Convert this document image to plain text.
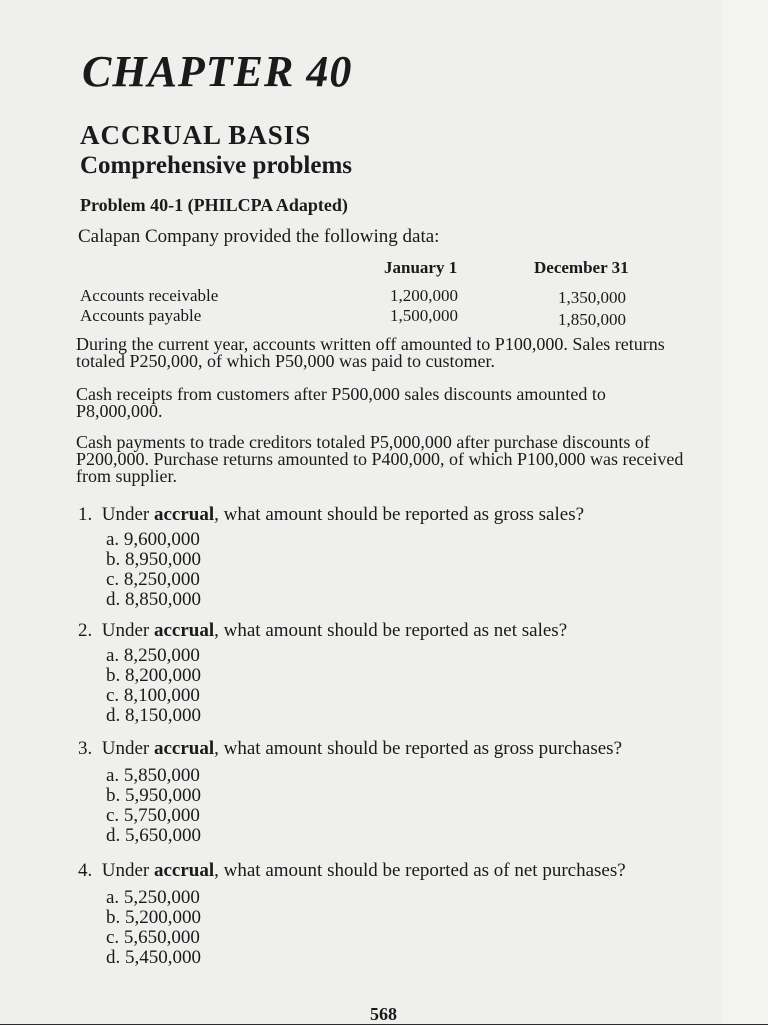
CHAPTER 40
ACCRUAL BASIS
Comprehensive problems
Problem 40-1 (PHILCPA Adapted)
Calapan Company provided the following data:
January 1	December 31
Accounts receivable	1,200,000	1,350,000
Accounts payable	1,500,000	1,850,000
During the current year, accounts written off amounted to P100,000. Sales returns totaled P250,000, of which P50,000 was paid to customer.
Cash receipts from customers after P500,000 sales discounts amounted to P8,000,000.
Cash payments to trade creditors totaled P5,000,000 after purchase discounts of P200,000. Purchase returns amounted to P400,000, of which P100,000 was received from supplier.
1. Under accrual, what amount should be reported as gross sales?
a. 9,600,000
b. 8,950,000
c. 8,250,000
d. 8,850,000
2. Under accrual, what amount should be reported as net sales?
a. 8,250,000
b. 8,200,000
c. 8,100,000
d. 8,150,000
3. Under accrual, what amount should be reported as gross purchases?
a. 5,850,000
b. 5,950,000
c. 5,750,000
d. 5,650,000
4. Under accrual, what amount should be reported as of net purchases?
a. 5,250,000
b. 5,200,000
c. 5,650,000
d. 5,450,000
568
